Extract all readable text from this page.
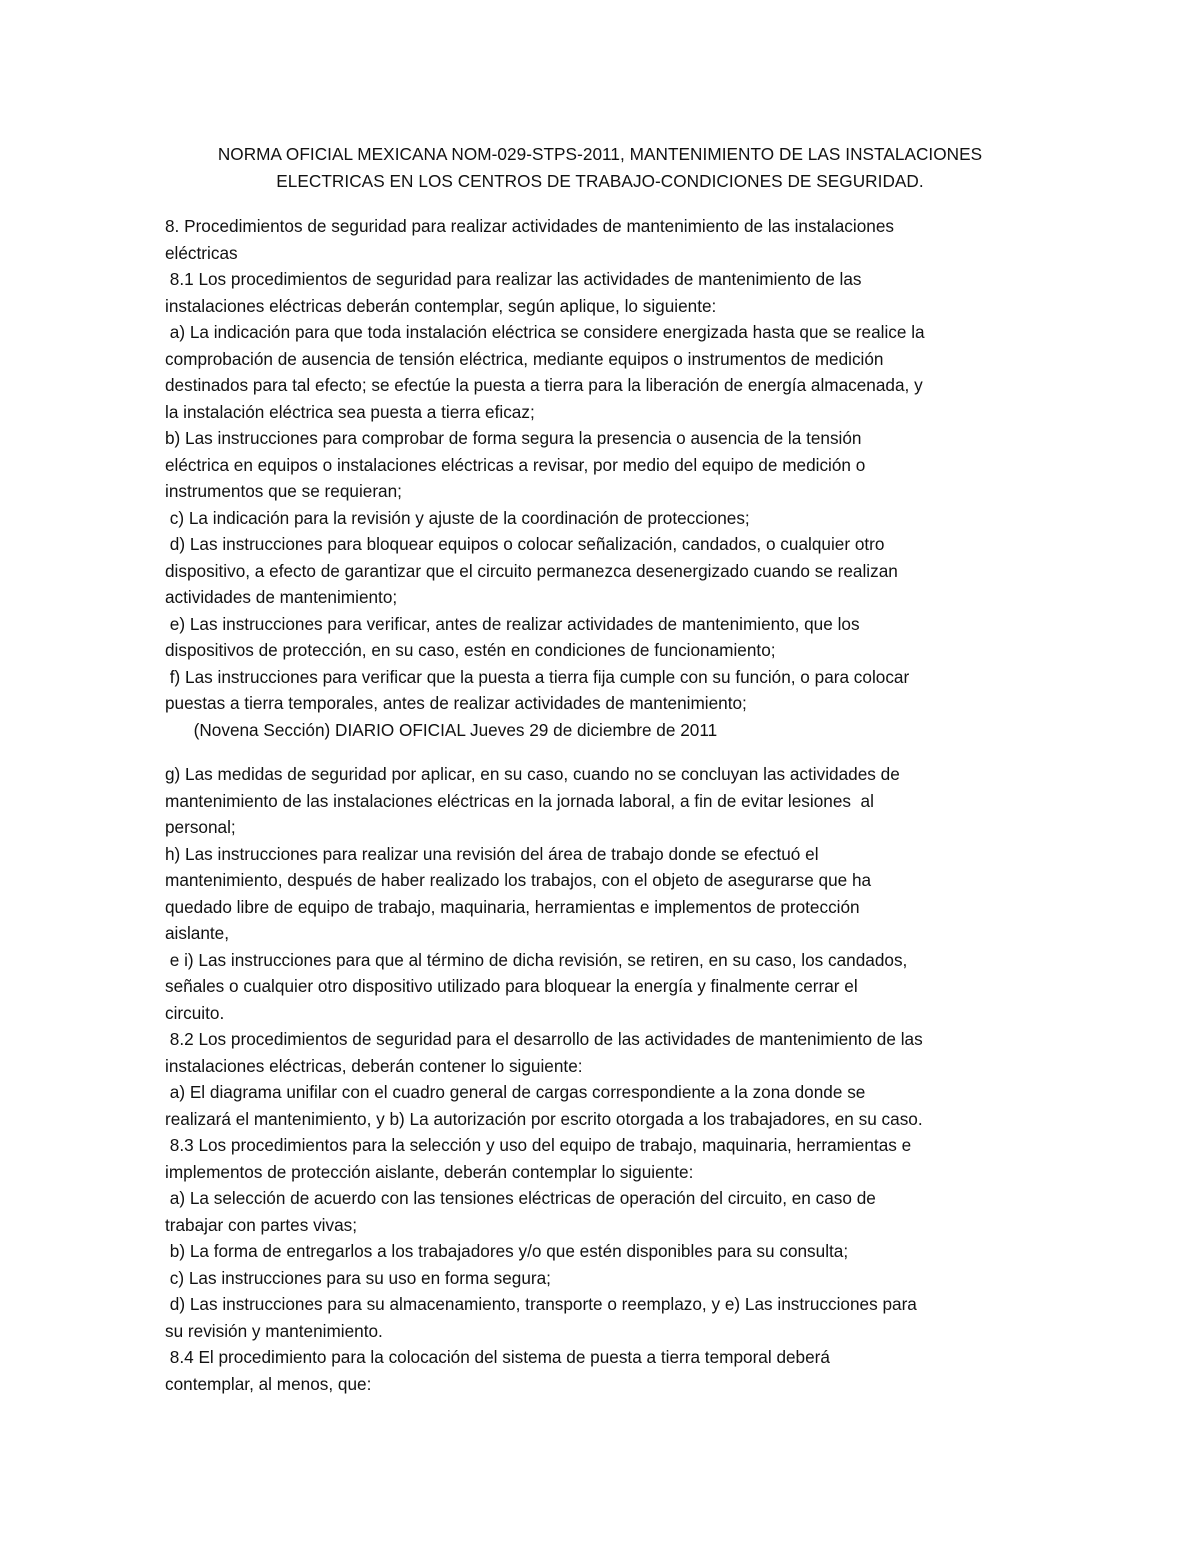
NORMA OFICIAL MEXICANA NOM-029-STPS-2011, MANTENIMIENTO DE LAS INSTALACIONES
ELECTRICAS EN LOS CENTROS DE TRABAJO-CONDICIONES DE SEGURIDAD.
8. Procedimientos de seguridad para realizar actividades de mantenimiento de las instalaciones
eléctricas
8.1 Los procedimientos de seguridad para realizar las actividades de mantenimiento de las
instalaciones eléctricas deberán contemplar, según aplique, lo siguiente:
a) La indicación para que toda instalación eléctrica se considere energizada hasta que se realice la
comprobación de ausencia de tensión eléctrica, mediante equipos o instrumentos de medición
destinados para tal efecto; se efectúe la puesta a tierra para la liberación de energía almacenada, y
la instalación eléctrica sea puesta a tierra eficaz;
b) Las instrucciones para comprobar de forma segura la presencia o ausencia de la tensión
eléctrica en equipos o instalaciones eléctricas a revisar, por medio del equipo de medición o
instrumentos que se requieran;
c) La indicación para la revisión y ajuste de la coordinación de protecciones;
d) Las instrucciones para bloquear equipos o colocar señalización, candados, o cualquier otro
dispositivo, a efecto de garantizar que el circuito permanezca desenergizado cuando se realizan
actividades de mantenimiento;
e) Las instrucciones para verificar, antes de realizar actividades de mantenimiento, que los
dispositivos de protección, en su caso, estén en condiciones de funcionamiento;
f) Las instrucciones para verificar que la puesta a tierra fija cumple con su función, o para colocar
puestas a tierra temporales, antes de realizar actividades de mantenimiento;
(Novena Sección) DIARIO OFICIAL Jueves 29 de diciembre de 2011
g) Las medidas de seguridad por aplicar, en su caso, cuando no se concluyan las actividades de
mantenimiento de las instalaciones eléctricas en la jornada laboral, a fin de evitar lesiones  al
personal;
h) Las instrucciones para realizar una revisión del área de trabajo donde se efectuó el
mantenimiento, después de haber realizado los trabajos, con el objeto de asegurarse que ha
quedado libre de equipo de trabajo, maquinaria, herramientas e implementos de protección
aislante,
e i) Las instrucciones para que al término de dicha revisión, se retiren, en su caso, los candados,
señales o cualquier otro dispositivo utilizado para bloquear la energía y finalmente cerrar el
circuito.
8.2 Los procedimientos de seguridad para el desarrollo de las actividades de mantenimiento de las
instalaciones eléctricas, deberán contener lo siguiente:
a) El diagrama unifilar con el cuadro general de cargas correspondiente a la zona donde se
realizará el mantenimiento, y b) La autorización por escrito otorgada a los trabajadores, en su caso.
8.3 Los procedimientos para la selección y uso del equipo de trabajo, maquinaria, herramientas e
implementos de protección aislante, deberán contemplar lo siguiente:
a) La selección de acuerdo con las tensiones eléctricas de operación del circuito, en caso de
trabajar con partes vivas;
b) La forma de entregarlos a los trabajadores y/o que estén disponibles para su consulta;
c) Las instrucciones para su uso en forma segura;
d) Las instrucciones para su almacenamiento, transporte o reemplazo, y e) Las instrucciones para
su revisión y mantenimiento.
8.4 El procedimiento para la colocación del sistema de puesta a tierra temporal deberá
contemplar, al menos, que:
